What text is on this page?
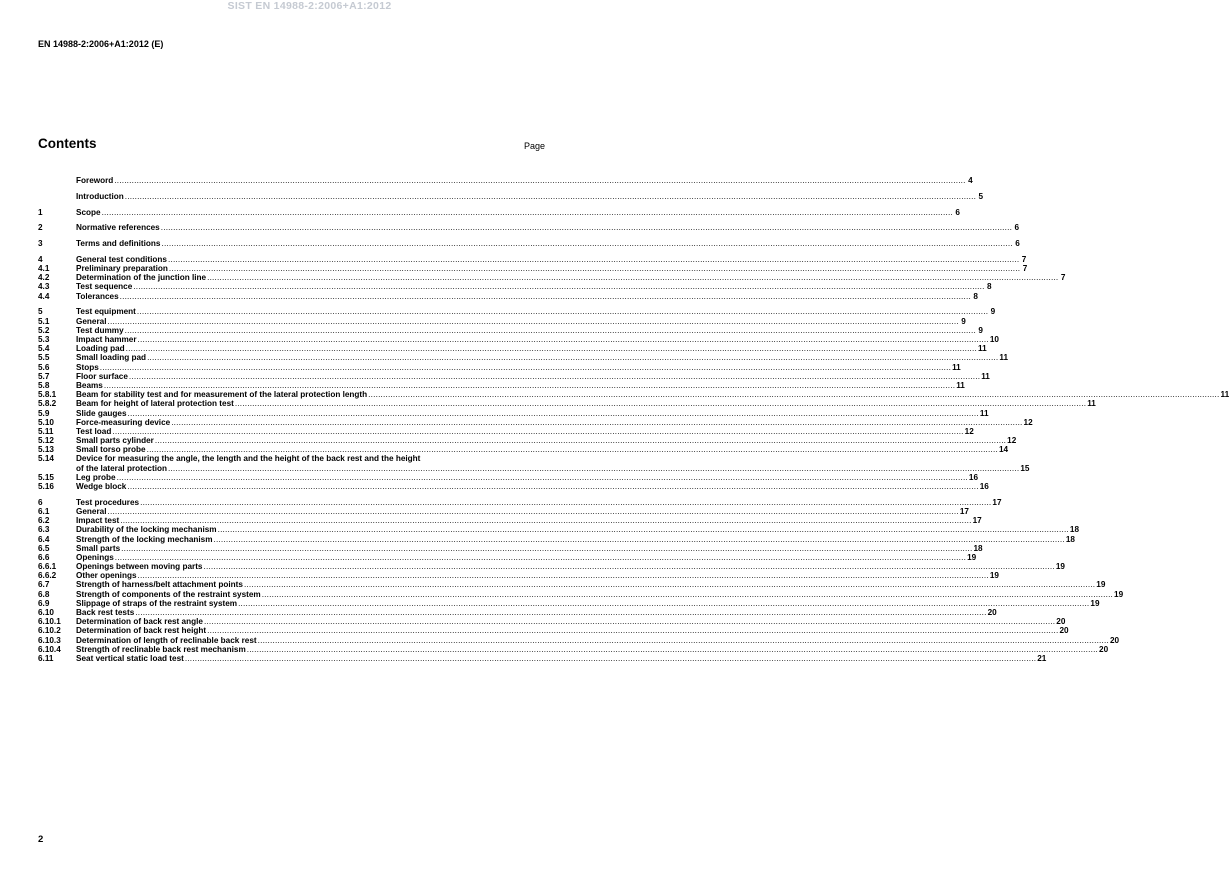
SIST EN 14988-2:2006+A1:2012
EN 14988-2:2006+A1:2012 (E)
Contents	Page
Foreword .....	4
Introduction .....	5
1	Scope .....	6
2	Normative references .....	6
3	Terms and definitions .....	6
4	General test conditions .....	7
4.1	Preliminary preparation .....	7
4.2	Determination of the junction line .....	7
4.3	Test sequence .....	8
4.4	Tolerances .....	8
5	Test equipment .....	9
5.1	General .....	9
5.2	Test dummy .....	9
5.3	Impact hammer .....	10
5.4	Loading pad .....	11
5.5	Small loading pad .....	11
5.6	Stops .....	11
5.7	Floor surface .....	11
5.8	Beams .....	11
5.8.1	Beam for stability test and for measurement of the lateral protection length .....	11
5.8.2	Beam for height of lateral protection test .....	11
5.9	Slide gauges .....	11
5.10	Force-measuring device .....	12
5.11	Test load .....	12
5.12	Small parts cylinder .....	12
5.13	Small torso probe .....	14
5.14	Device for measuring the angle, the length and the height of the back rest and the height
of the lateral protection .....	15
5.15	Leg probe .....	16
5.16	Wedge block .....	16
6	Test procedures .....	17
6.1	General .....	17
6.2	Impact test .....	17
6.3	Durability of the locking mechanism .....	18
6.4	Strength of the locking mechanism .....	18
6.5	Small parts .....	18
6.6	Openings .....	19
6.6.1	Openings between moving parts .....	19
6.6.2	Other openings .....	19
6.7	Strength of harness/belt attachment points .....	19
6.8	Strength of components of the restraint system .....	19
6.9	Slippage of straps of the restraint system .....	19
6.10	Back rest tests .....	20
6.10.1	Determination of back rest angle .....	20
6.10.2	Determination of back rest height .....	20
6.10.3	Determination of length of reclinable back rest .....	20
6.10.4	Strength of reclinable back rest mechanism .....	20
6.11	Seat vertical static load test .....	21
2
